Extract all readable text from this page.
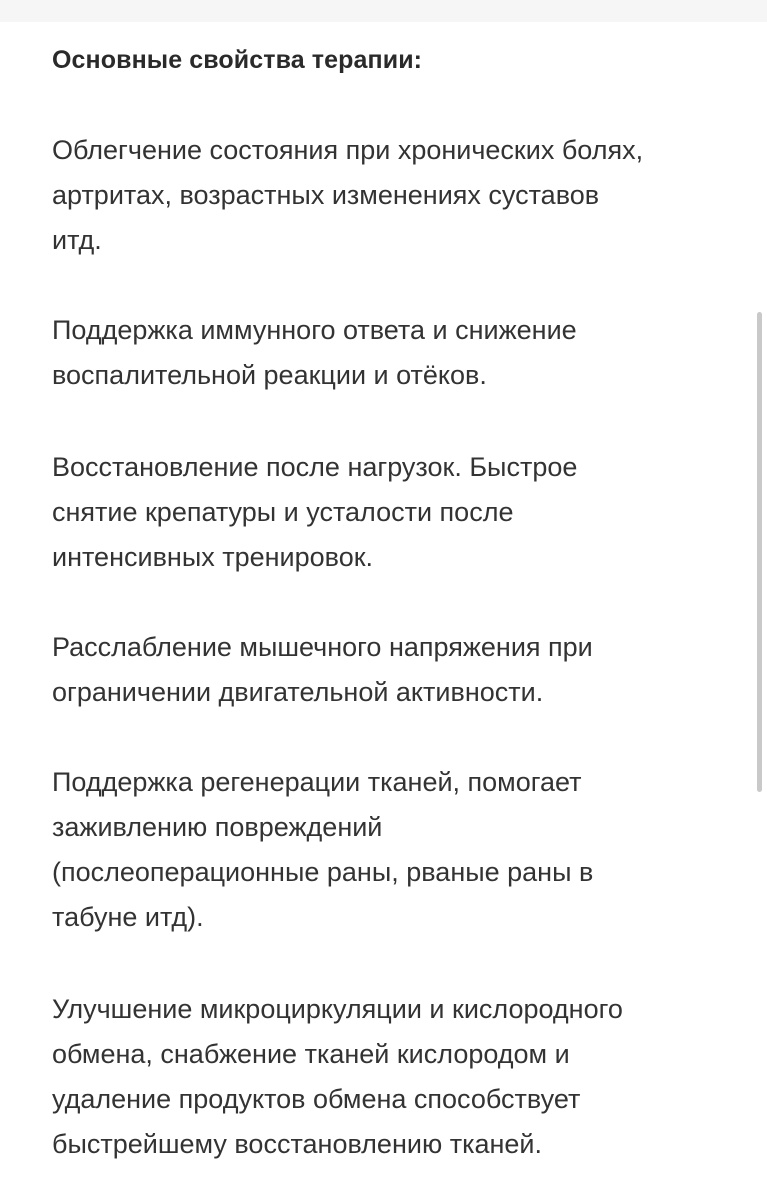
Основные свойства терапии:

Облегчение состояния при хронических болях,
артритах, возрастных изменениях суставов
итд.

Поддержка иммунного ответа и снижение
воспалительной реакции и отёков.

Восстановление после нагрузок. Быстрое
снятие крепатуры и усталости после
интенсивных тренировок.

Расслабление мышечного напряжения при
ограничении двигательной активности.

Поддержка регенерации тканей, помогает
заживлению повреждений
(послеоперационные раны, рваные раны в
табуне итд).

Улучшение микроциркуляции и кислородного
обмена, снабжение тканей кислородом и
удаление продуктов обмена способствует
быстрейшему восстановлению тканей.
